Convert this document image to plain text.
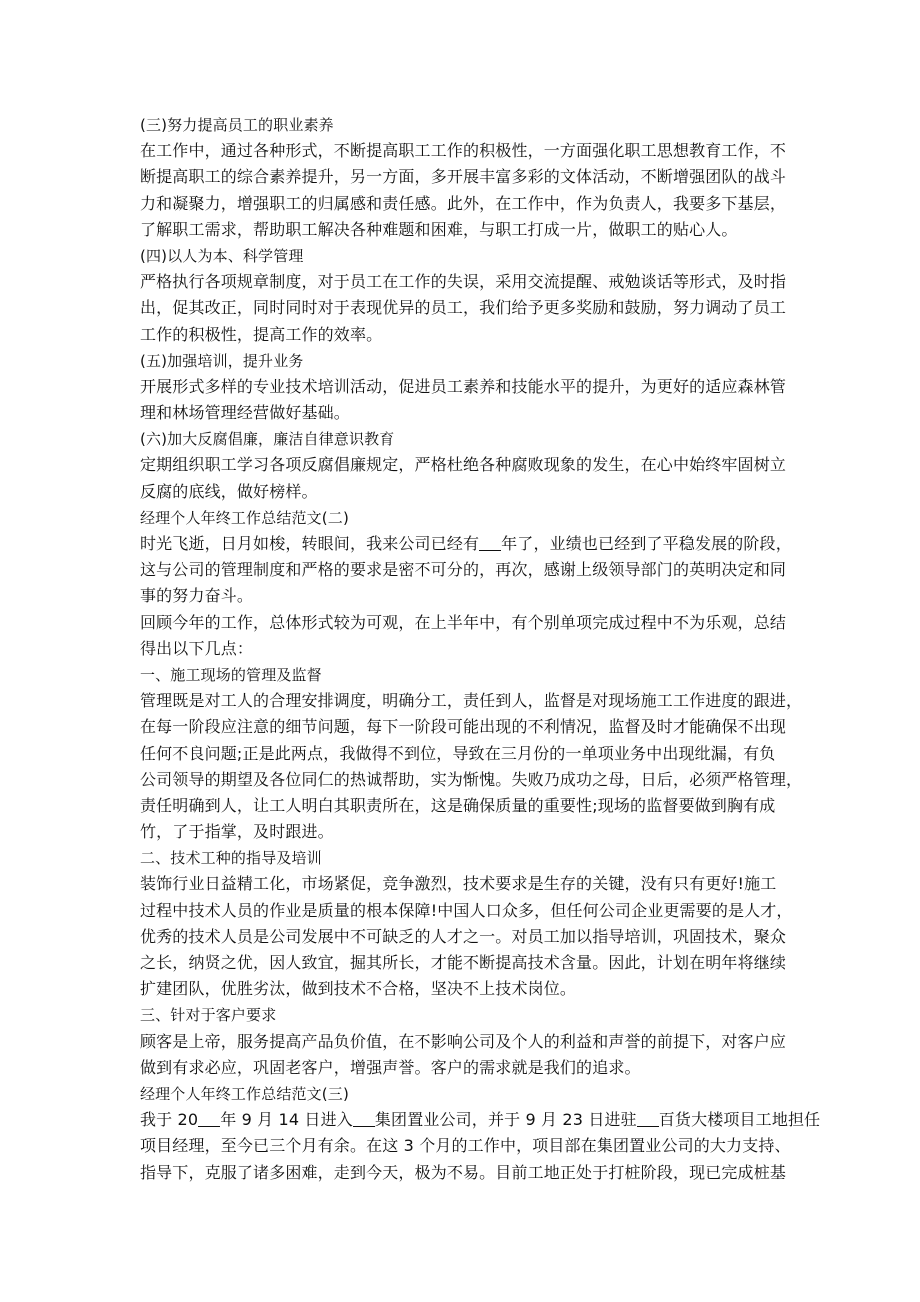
(三)努力提高员工的职业素养
在工作中，通过各种形式，不断提高职工工作的积极性，一方面强化职工思想教育工作，不
断提高职工的综合素养提升，另一方面，多开展丰富多彩的文体活动，不断增强团队的战斗
力和凝聚力，增强职工的归属感和责任感。此外，在工作中，作为负责人，我要多下基层，
了解职工需求，帮助职工解决各种难题和困难，与职工打成一片，做职工的贴心人。
(四)以人为本、科学管理
严格执行各项规章制度，对于员工在工作的失误，采用交流提醒、戒勉谈话等形式，及时指
出，促其改正，同时同时对于表现优异的员工，我们给予更多奖励和鼓励，努力调动了员工
工作的积极性，提高工作的效率。
(五)加强培训，提升业务
开展形式多样的专业技术培训活动，促进员工素养和技能水平的提升，为更好的适应森林管
理和林场管理经营做好基础。
(六)加大反腐倡廉，廉洁自律意识教育
定期组织职工学习各项反腐倡廉规定，严格杜绝各种腐败现象的发生，在心中始终牢固树立
反腐的底线，做好榜样。
经理个人年终工作总结范文(二)
时光飞逝，日月如梭，转眼间，我来公司已经有 年了，业绩也已经到了平稳发展的阶段，
这与公司的管理制度和严格的要求是密不可分的，再次，感谢上级领导部门的英明决定和同
事的努力奋斗。
回顾今年的工作，总体形式较为可观，在上半年中，有个别单项完成过程中不为乐观，总结
得出以下几点：
一、施工现场的管理及监督
管理既是对工人的合理安排调度，明确分工，责任到人，监督是对现场施工工作进度的跟进，
在每一阶段应注意的细节问题，每下一阶段可能出现的不利情况，监督及时才能确保不出现
任何不良问题;正是此两点，我做得不到位，导致在三月份的一单项业务中出现纰漏，有负
公司领导的期望及各位同仁的热诚帮助，实为惭愧。失败乃成功之母，日后，必须严格管理，
责任明确到人，让工人明白其职责所在，这是确保质量的重要性;现场的监督要做到胸有成
竹，了于指掌，及时跟进。
二、技术工种的指导及培训
装饰行业日益精工化，市场紧促，竞争激烈，技术要求是生存的关键，没有只有更好!施工
过程中技术人员的作业是质量的根本保障!中国人口众多，但任何公司企业更需要的是人才，
优秀的技术人员是公司发展中不可缺乏的人才之一。对员工加以指导培训，巩固技术，聚众
之长，纳贤之优，因人致宜，掘其所长，才能不断提高技术含量。因此，计划在明年将继续
扩建团队，优胜劣汰，做到技术不合格，坚决不上技术岗位。
三、针对于客户要求
顾客是上帝，服务提高产品负价值，在不影响公司及个人的利益和声誉的前提下，对客户应
做到有求必应，巩固老客户，增强声誉。客户的需求就是我们的追求。
经理个人年终工作总结范文(三)
我于 20 年 9 月 14 日进入 集团置业公司，并于 9 月 23 日进驻 百货大楼项目工地担任
项目经理，至今已三个月有余。在这 3 个月的工作中，项目部在集团置业公司的大力支持、
指导下，克服了诸多困难，走到今天，极为不易。目前工地正处于打桩阶段，现已完成桩基
